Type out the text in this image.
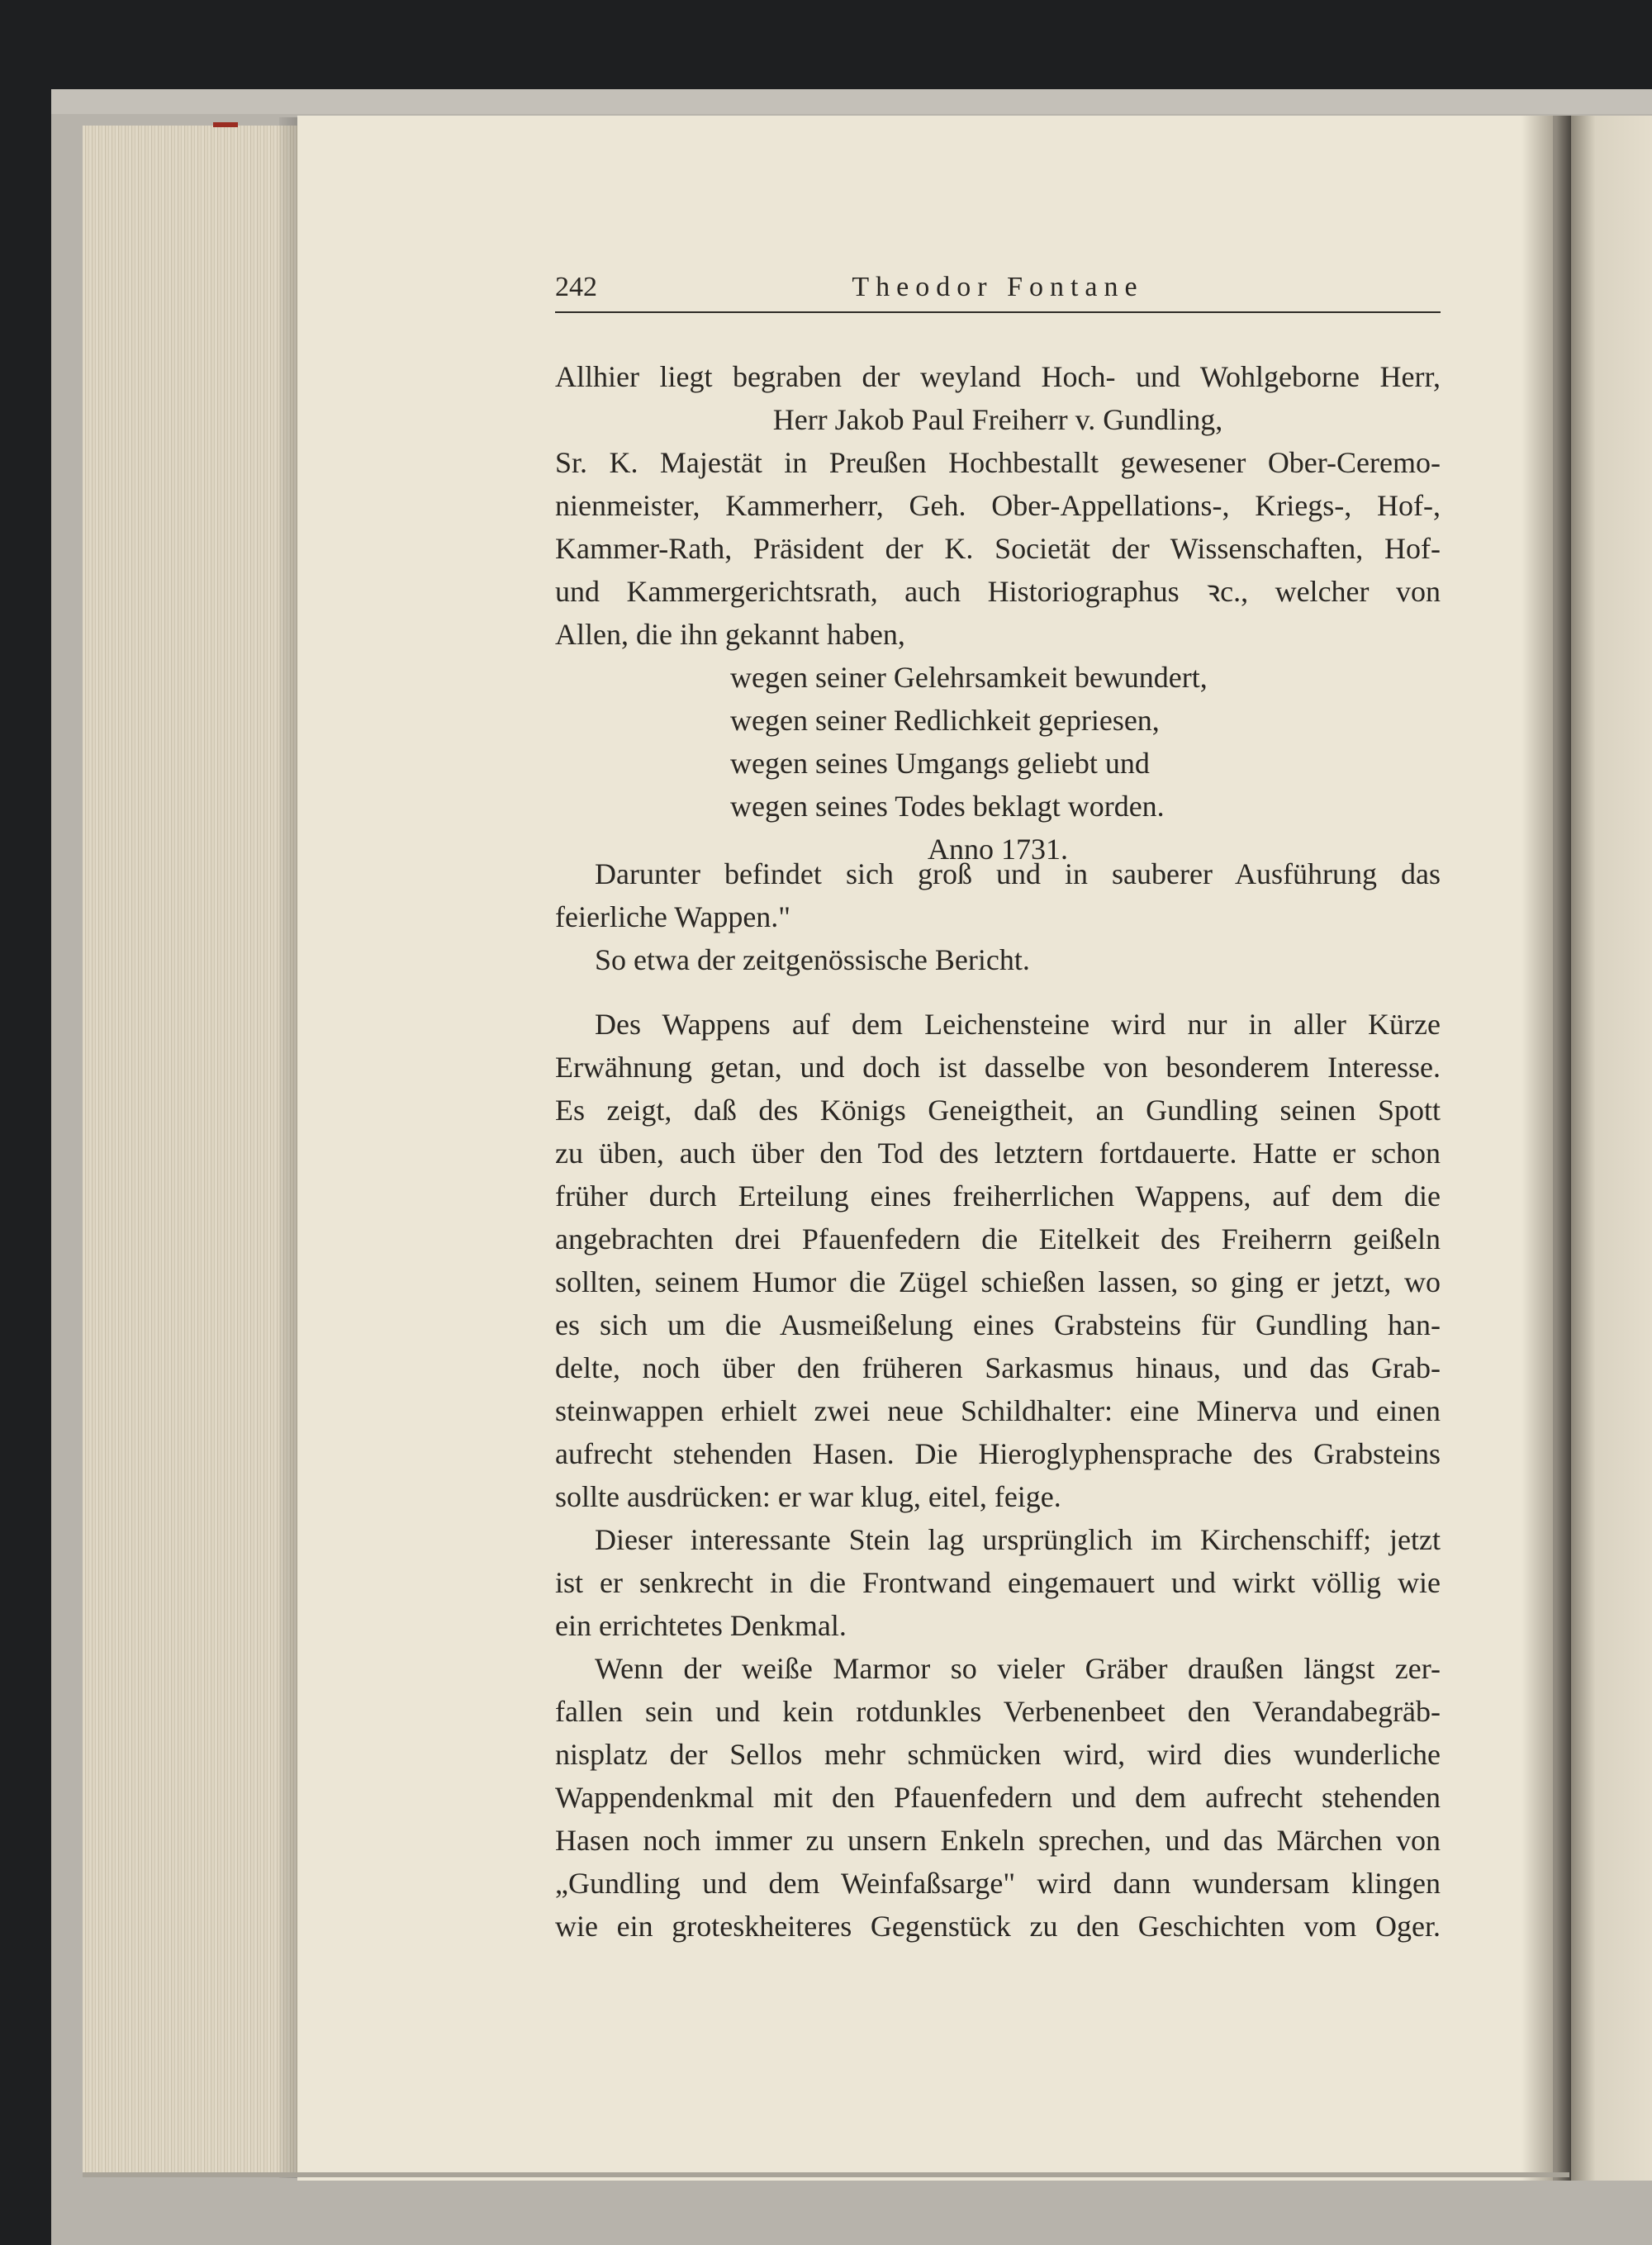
242	Theodor Fontane
Allhier liegt begraben der weyland Hoch- und Wohlgeborne Herr,
Herr Jakob Paul Freiherr v. Gundling,
Sr. K. Majestät in Preußen Hochbestallt gewesener Ober-Ceremo-
nienmeister, Kammerherr, Geh. Ober-Appellations-, Kriegs-, Hof-,
Kammer-Rath, Präsident der K. Societät der Wissenschaften, Hof-
und Kammergerichtsrath, auch Historiographus ꝛc., welcher von
Allen, die ihn gekannt haben,
wegen seiner Gelehrsamkeit bewundert,
wegen seiner Redlichkeit gepriesen,
wegen seines Umgangs geliebt und
wegen seines Todes beklagt worden.
Anno 1731.
Darunter befindet sich groß und in sauberer Ausführung das
feierliche Wappen."
So etwa der zeitgenössische Bericht.
Des Wappens auf dem Leichensteine wird nur in aller Kürze
Erwähnung getan, und doch ist dasselbe von besonderem Interesse.
Es zeigt, daß des Königs Geneigtheit, an Gundling seinen Spott
zu üben, auch über den Tod des letztern fortdauerte. Hatte er schon
früher durch Erteilung eines freiherrlichen Wappens, auf dem die
angebrachten drei Pfauenfedern die Eitelkeit des Freiherrn geißeln
sollten, seinem Humor die Zügel schießen lassen, so ging er jetzt, wo
es sich um die Ausmeißelung eines Grabsteins für Gundling han-
delte, noch über den früheren Sarkasmus hinaus, und das Grab-
steinwappen erhielt zwei neue Schildhalter: eine Minerva und einen
aufrecht stehenden Hasen. Die Hieroglyphensprache des Grabsteins
sollte ausdrücken: er war klug, eitel, feige.
Dieser interessante Stein lag ursprünglich im Kirchenschiff; jetzt
ist er senkrecht in die Frontwand eingemauert und wirkt völlig wie
ein errichtetes Denkmal.
Wenn der weiße Marmor so vieler Gräber draußen längst zer-
fallen sein und kein rotdunkles Verbenenbeet den Verandabegräb-
nisplatz der Sellos mehr schmücken wird, wird dies wunderliche
Wappendenkmal mit den Pfauenfedern und dem aufrecht stehenden
Hasen noch immer zu unsern Enkeln sprechen, und das Märchen von
„Gundling und dem Weinfaßsarge" wird dann wundersam klingen
wie ein groteskheiteres Gegenstück zu den Geschichten vom Oger.
